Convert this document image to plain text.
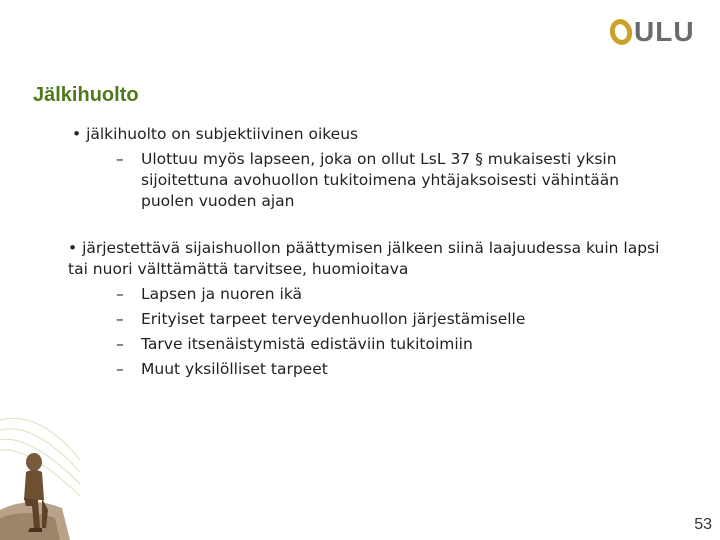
ULU
Jälkihuolto

• jälkihuolto on subjektiivinen oikeus

– Ulottuu myös lapseen, joka on ollut LsL 37 § mukaisesti yksin sijoitettuna avohuollon tukitoimena yhtäjaksoisesti vähintään puolen vuoden ajan

• järjestettävä sijaishuollon päättymisen jälkeen siinä laajuudessa kuin lapsi tai nuori välttämättä tarvitsee, huomioitava

– Lapsen ja nuoren ikä
– Erityiset tarpeet terveydenhuollon järjestämiselle
– Tarve itsenäistymistä edistäviin tukitoimiin
– Muut yksilölliset tarpeet
53
